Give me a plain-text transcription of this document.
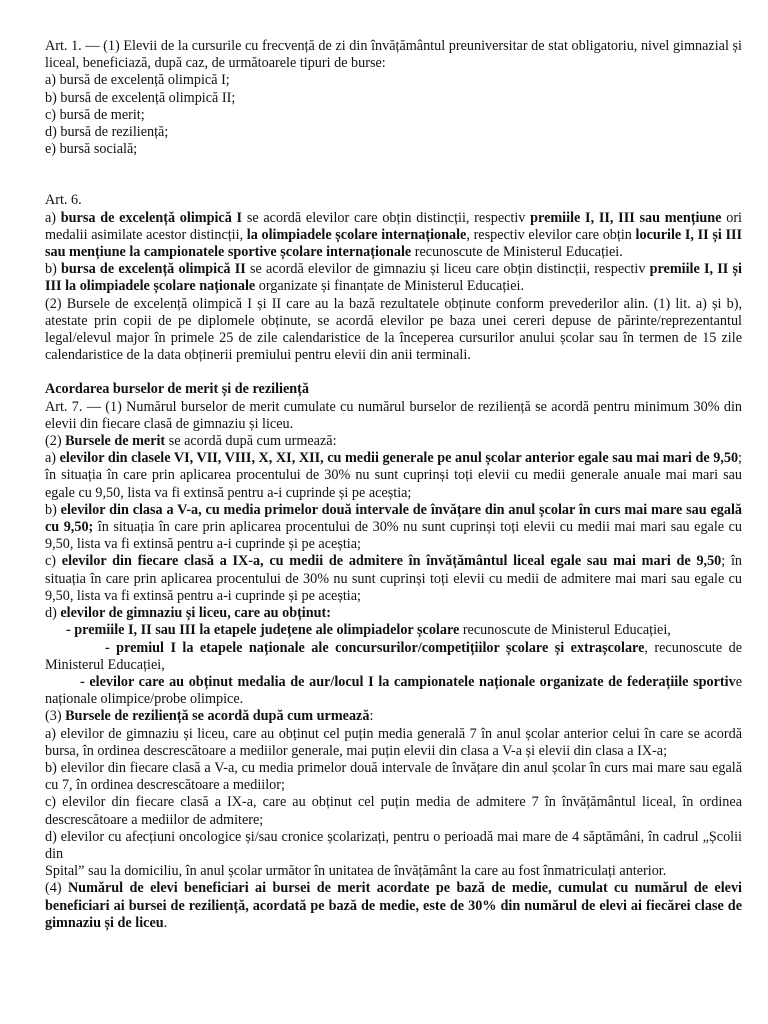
Art. 1. — (1) Elevii de la cursurile cu frecvență de zi din învățământul preuniversitar de stat obligatoriu, nivel gimnazial și liceal, beneficiază, după caz, de următoarele tipuri de burse:

a) bursă de excelență olimpică I;

b) bursă de excelență olimpică II;

c) bursă de merit;

d) bursă de reziliență;

e) bursă socială;

Art. 6.

a) bursa de excelență olimpică I se acordă elevilor care obțin distincții, respectiv premiile I, II, III sau mențiune ori medalii asimilate acestor distincții, la olimpiadele școlare internaționale, respectiv elevilor care obțin locurile I, II și III sau mențiune la campionatele sportive școlare internaționale recunoscute de Ministerul Educației.

b) bursa de excelență olimpică II se acordă elevilor de gimnaziu și liceu care obțin distincții, respectiv premiile I, II și III la olimpiadele școlare naționale organizate și finanțate de Ministerul Educației.

(2) Bursele de excelență olimpică I și II care au la bază rezultatele obținute conform prevederilor alin. (1) lit. a) și b), atestate prin copii de pe diplomele obținute, se acordă elevilor pe baza unei cereri depuse de părinte/reprezentantul legal/elevul major în primele 25 de zile calendaristice de la începerea cursurilor anului școlar sau în termen de 15 zile calendaristice de la data obținerii premiului pentru elevii din anii terminali.

Acordarea burselor de merit și de reziliență

Art. 7. — (1) Numărul burselor de merit cumulate cu numărul burselor de reziliență se acordă pentru minimum 30% din elevii din fiecare clasă de gimnaziu și liceu.

(2) Bursele de merit se acordă după cum urmează:

a) elevilor din clasele VI, VII, VIII, X, XI, XII, cu medii generale pe anul școlar anterior egale sau mai mari de 9,50; în situația în care prin aplicarea procentului de 30% nu sunt cuprinși toți elevii cu medii generale anuale mai mari sau egale cu 9,50, lista va fi extinsă pentru a-i cuprinde și pe aceștia;

b) elevilor din clasa a V-a, cu media primelor două intervale de învățare din anul școlar în curs mai mare sau egală cu 9,50; în situația în care prin aplicarea procentului de 30% nu sunt cuprinși toți elevii cu medii mai mari sau egale cu 9,50, lista va fi extinsă pentru a-i cuprinde și pe aceștia;

c) elevilor din fiecare clasă a IX-a, cu medii de admitere în învățământul liceal egale sau mai mari de 9,50; în situația în care prin aplicarea procentului de 30% nu sunt cuprinși toți elevii cu medii de admitere mai mari sau egale cu 9,50, lista va fi extinsă pentru a-i cuprinde și pe aceștia;

d) elevilor de gimnaziu și liceu, care au obținut:

- premiile I, II sau III la etapele județene ale olimpiadelor școlare recunoscute de Ministerul Educației,

- premiul I la etapele naționale ale concursurilor/competițiilor școlare și extrașcolare, recunoscute de Ministerul Educației,

- elevilor care au obținut medalia de aur/locul I la campionatele naționale organizate de federațiile sportive naționale olimpice/probe olimpice.

(3) Bursele de reziliență se acordă după cum urmează:

a) elevilor de gimnaziu și liceu, care au obținut cel puțin media generală 7 în anul școlar anterior celui în care se acordă bursa, în ordinea descrescătoare a mediilor generale, mai puțin elevii din clasa a V-a și elevii din clasa a IX-a;

b) elevilor din fiecare clasă a V-a, cu media primelor două intervale de învățare din anul școlar în curs mai mare sau egală cu 7, în ordinea descrescătoare a mediilor;

c) elevilor din fiecare clasă a IX-a, care au obținut cel puțin media de admitere 7 în învățământul liceal, în ordinea descrescătoare a mediilor de admitere;

d) elevilor cu afecțiuni oncologice și/sau cronice școlarizați, pentru o perioadă mai mare de 4 săptămâni, în cadrul „Școlii din

Spital” sau la domiciliu, în anul școlar următor în unitatea de învățământ la care au fost înmatriculați anterior.

(4) Numărul de elevi beneficiari ai bursei de merit acordate pe bază de medie, cumulat cu numărul de elevi beneficiari ai bursei de reziliență, acordată pe bază de medie, este de 30% din numărul de elevi ai fiecărei clase de gimnaziu și de liceu.
